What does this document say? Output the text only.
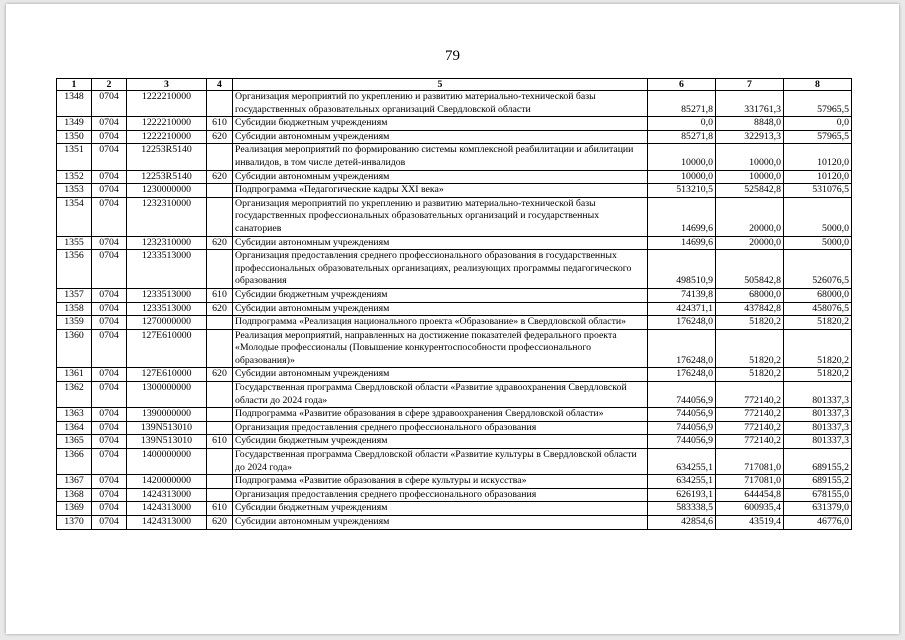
79
1	2	3	4	5	6	7	8
1348	0704	1222210000		Организация мероприятий по укреплению и развитию материально-технической базы государственных образовательных организаций Свердловской области	85271,8	331761,3	57965,5
1349	0704	1222210000	610	Субсидии бюджетным учреждениям	0,0	8848,0	0,0
1350	0704	1222210000	620	Субсидии автономным учреждениям	85271,8	322913,3	57965,5
1351	0704	12253R5140		Реализация мероприятий по формированию системы комплексной реабилитации и абилитации инвалидов, в том числе детей-инвалидов	10000,0	10000,0	10120,0
1352	0704	12253R5140	620	Субсидии автономным учреждениям	10000,0	10000,0	10120,0
1353	0704	1230000000		Подпрограмма «Педагогические кадры XXI века»	513210,5	525842,8	531076,5
1354	0704	1232310000		Организация мероприятий по укреплению и развитию материально-технической базы государственных профессиональных образовательных организаций и государственных санаториев	14699,6	20000,0	5000,0
1355	0704	1232310000	620	Субсидии автономным учреждениям	14699,6	20000,0	5000,0
1356	0704	1233513000		Организация предоставления среднего профессионального образования в государственных профессиональных образовательных организациях, реализующих программы педагогического образования	498510,9	505842,8	526076,5
1357	0704	1233513000	610	Субсидии бюджетным учреждениям	74139,8	68000,0	68000,0
1358	0704	1233513000	620	Субсидии автономным учреждениям	424371,1	437842,8	458076,5
1359	0704	1270000000		Подпрограмма «Реализация национального проекта «Образование» в Свердловской области»	176248,0	51820,2	51820,2
1360	0704	127E610000		Реализация мероприятий, направленных на достижение показателей федерального проекта «Молодые профессионалы (Повышение конкурентоспособности профессионального образования)»	176248,0	51820,2	51820,2
1361	0704	127E610000	620	Субсидии автономным учреждениям	176248,0	51820,2	51820,2
1362	0704	1300000000		Государственная программа Свердловской области «Развитие здравоохранения Свердловской области до 2024 года»	744056,9	772140,2	801337,3
1363	0704	1390000000		Подпрограмма «Развитие образования в сфере здравоохранения Свердловской области»	744056,9	772140,2	801337,3
1364	0704	139N513010		Организация предоставления среднего профессионального образования	744056,9	772140,2	801337,3
1365	0704	139N513010	610	Субсидии бюджетным учреждениям	744056,9	772140,2	801337,3
1366	0704	1400000000		Государственная программа Свердловской области «Развитие культуры в Свердловской области до 2024 года»	634255,1	717081,0	689155,2
1367	0704	1420000000		Подпрограмма «Развитие образования в сфере культуры и искусства»	634255,1	717081,0	689155,2
1368	0704	1424313000		Организация предоставления среднего профессионального образования	626193,1	644454,8	678155,0
1369	0704	1424313000	610	Субсидии бюджетным учреждениям	583338,5	600935,4	631379,0
1370	0704	1424313000	620	Субсидии автономным учреждениям	42854,6	43519,4	46776,0
